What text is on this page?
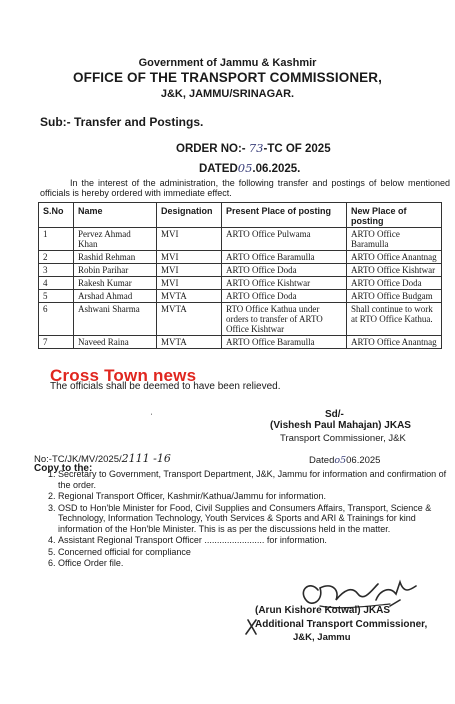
Government of Jammu & Kashmir
OFFICE OF THE TRANSPORT COMMISSIONER,
J&K, JAMMU/SRINAGAR.
Sub:- Transfer and Postings.
ORDER NO:- 73-TC OF 2025
DATED05.06.2025.
In the interest of the administration, the following transfer and postings of below mentioned officials is hereby ordered with immediate effect.
S.No	Name	Designation	Present Place of posting	New Place of posting
1	Pervez Ahmad Khan	MVI	ARTO Office Pulwama	ARTO Office Baramulla
2	Rashid Rehman	MVI	ARTO Office Baramulla	ARTO Office Anantnag
3	Robin Parihar	MVI	ARTO Office Doda	ARTO Office Kishtwar
4	Rakesh Kumar	MVI	ARTO Office Kishtwar	ARTO Office Doda
5	Arshad Ahmad	MVTA	ARTO Office Doda	ARTO Office Budgam
6	Ashwani Sharma	MVTA	RTO Office Kathua under orders to transfer of ARTO Office Kishtwar	Shall continue to work at RTO Office Kathua.
7	Naveed Raina	MVTA	ARTO Office Baramulla	ARTO Office Anantnag
The officials shall be deemed to have been relieved.
Cross Town news
ˈ	Sd/-
(Vishesh Paul Mahajan) JKAS
Transport Commissioner, J&K
No:-TC/JK/MV/2025/2111 -16	Datedo506.2025
Copy to the:
1. Secretary to Government, Transport Department, J&K, Jammu for information and confirmation of the order.
2. Regional Transport Officer, Kashmir/Kathua/Jammu for information.
3. OSD to Hon'ble Minister for Food, Civil Supplies and Consumers Affairs, Transport, Science & Technology, Information Technology, Youth Services & Sports and ARI & Trainings for kind information of the Hon'ble Minister. This is as per the discussions held in the matter.
4. Assistant Regional Transport Officer ........................ for information.
5. Concerned official for compliance
6. Office Order file.
(Arun Kishore Kotwal) JKAS
Additional Transport Commissioner,
J&K, Jammu
